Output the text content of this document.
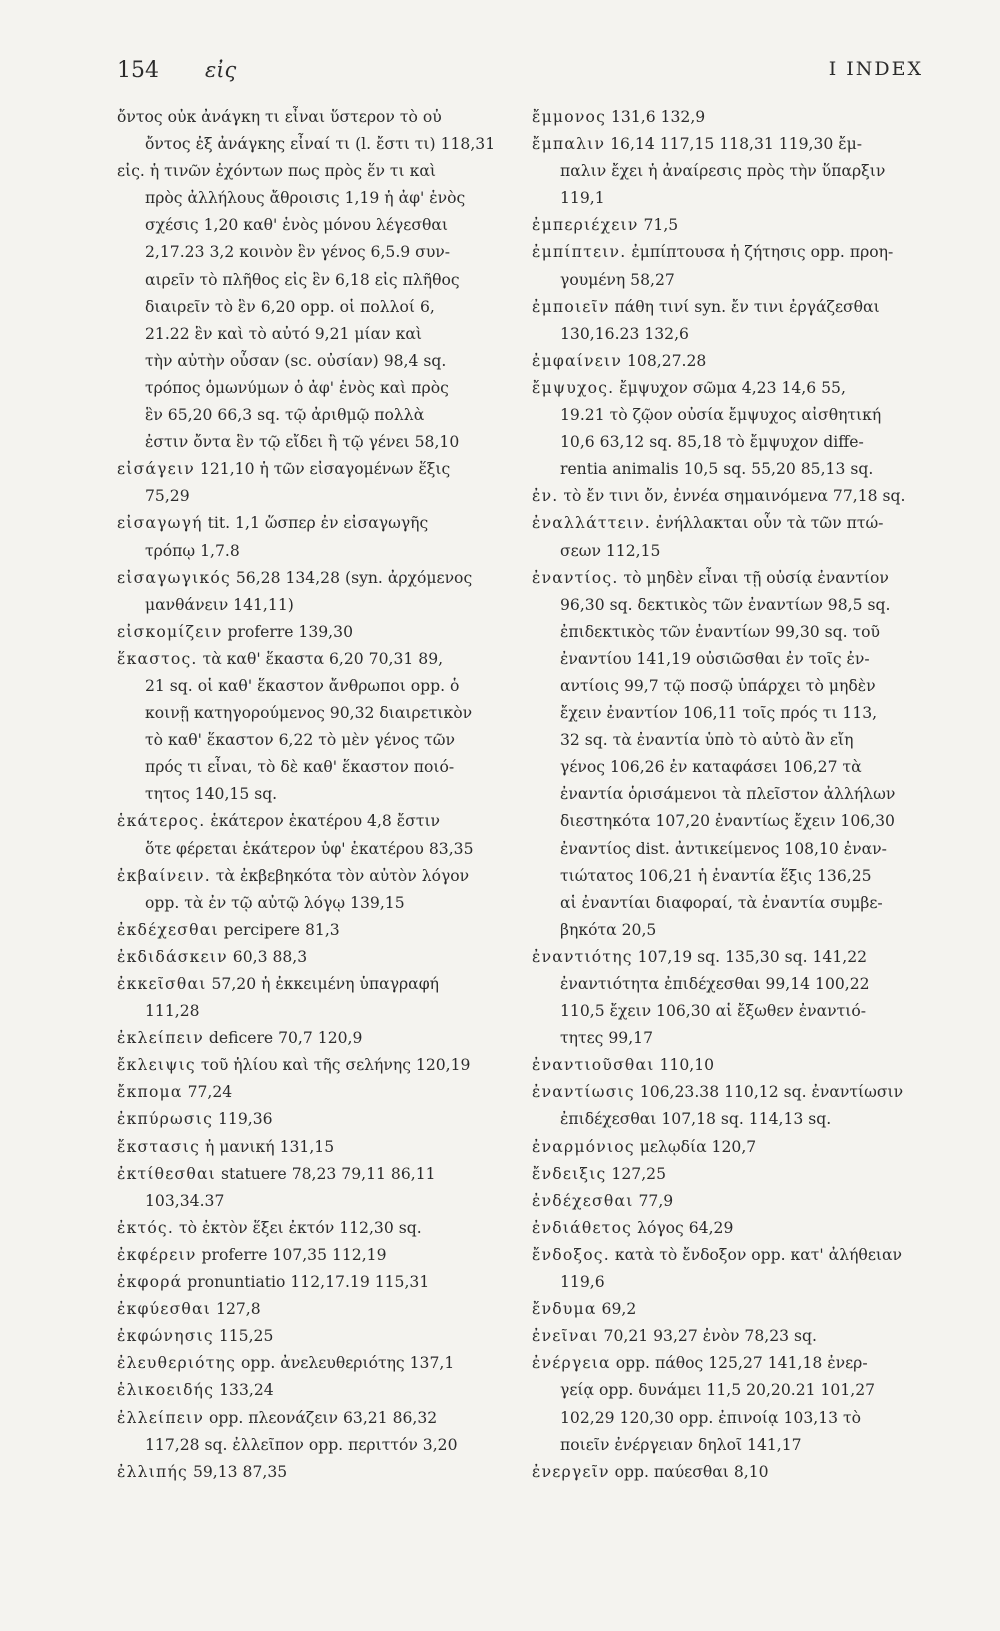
154 εἰς	I INDEX
ὄντος οὐκ ἀνάγκη τι εἶναι ὕστερον τὸ οὐ
ὄντος ἐξ ἀνάγκης εἶναί τι (l. ἔστι τι) 118,31
εἰς. ἡ τινῶν ἐχόντων πως πρὸς ἕν τι καὶ
πρὸς ἀλλήλους ἄθροισις 1,19 ἡ ἀφ' ἑνὸς
σχέσις 1,20 καθ' ἑνὸς μόνου λέγεσθαι
2,17.23 3,2 κοινὸν ἓν γένος 6,5.9 συν-
αιρεῖν τὸ πλῆθος εἰς ἓν 6,18 εἰς πλῆθος
διαιρεῖν τὸ ἓν 6,20 opp. οἱ πολλοί 6,
21.22 ἓν καὶ τὸ αὐτό 9,21 μίαν καὶ
τὴν αὐτὴν οὖσαν (sc. οὐσίαν) 98,4 sq.
τρόπος ὁμωνύμων ὁ ἀφ' ἑνὸς καὶ πρὸς
ἓν 65,20 66,3 sq. τῷ ἀριθμῷ πολλὰ
ἐστιν ὄντα ἓν τῷ εἴδει ἢ τῷ γένει 58,10
εἰσάγειν 121,10 ἡ τῶν εἰσαγομένων ἕξις
75,29
εἰσαγωγή tit. 1,1 ὥσπερ ἐν εἰσαγωγῆς
τρόπῳ 1,7.8
εἰσαγωγικός 56,28 134,28 (syn. ἀρχόμενος
μανθάνειν 141,11)
εἰσκομίζειν proferre 139,30
ἕκαστος. τὰ καθ' ἕκαστα 6,20 70,31 89,
21 sq. οἱ καθ' ἕκαστον ἄνθρωποι opp. ὁ
κοινῇ κατηγορούμενος 90,32 διαιρετικὸν
τὸ καθ' ἕκαστον 6,22 τὸ μὲν γένος τῶν
πρός τι εἶναι, τὸ δὲ καθ' ἕκαστον ποιό-
τητος 140,15 sq.
ἑκάτερος. ἑκάτερον ἑκατέρου 4,8 ἔστιν
ὅτε φέρεται ἑκάτερον ὑφ' ἑκατέρου 83,35
ἐκβαίνειν. τὰ ἐκβεβηκότα τὸν αὐτὸν λόγον
opp. τὰ ἐν τῷ αὐτῷ λόγῳ 139,15
ἐκδέχεσθαι percipere 81,3
ἐκδιδάσκειν 60,3 88,3
ἐκκεῖσθαι 57,20 ἡ ἐκκειμένη ὑπαγραφή
111,28
ἐκλείπειν deficere 70,7 120,9
ἔκλειψις τοῦ ἡλίου καὶ τῆς σελήνης 120,19
ἔκπομα 77,24
ἐκπύρωσις 119,36
ἔκστασις ἡ μανική 131,15
ἐκτίθεσθαι statuere 78,23 79,11 86,11
103,34.37
ἐκτός. τὸ ἐκτὸν ἕξει ἐκτόν 112,30 sq.
ἐκφέρειν proferre 107,35 112,19
ἐκφορά pronuntiatio 112,17.19 115,31
ἐκφύεσθαι 127,8
ἐκφώνησις 115,25
ἐλευθεριότης opp. ἀνελευθεριότης 137,1
ἑλικοειδής 133,24
ἐλλείπειν opp. πλεονάζειν 63,21 86,32
117,28 sq. ἐλλεῖπον opp. περιττόν 3,20
ἐλλιπής 59,13 87,35
ἔμμονος 131,6 132,9
ἔμπαλιν 16,14 117,15 118,31 119,30 ἔμ-
παλιν ἔχει ἡ ἀναίρεσις πρὸς τὴν ὕπαρξιν
119,1
ἐμπεριέχειν 71,5
ἐμπίπτειν. ἐμπίπτουσα ἡ ζήτησις opp. προη-
γουμένη 58,27
ἐμποιεῖν πάθη τινί syn. ἔν τινι ἐργάζεσθαι
130,16.23 132,6
ἐμφαίνειν 108,27.28
ἔμψυχος. ἔμψυχον σῶμα 4,23 14,6 55,
19.21 τὸ ζῷον οὐσία ἔμψυχος αἰσθητική
10,6 63,12 sq. 85,18 τὸ ἔμψυχον diffe-
rentia animalis 10,5 sq. 55,20 85,13 sq.
ἐν. τὸ ἔν τινι ὄν, ἐννέα σημαινόμενα 77,18 sq.
ἐναλλάττειν. ἐνήλλακται οὖν τὰ τῶν πτώ-
σεων 112,15
ἐναντίος. τὸ μηδὲν εἶναι τῇ οὐσίᾳ ἐναντίον
96,30 sq. δεκτικὸς τῶν ἐναντίων 98,5 sq.
ἐπιδεκτικὸς τῶν ἐναντίων 99,30 sq. τοῦ
ἐναντίου 141,19 οὐσιῶσθαι ἐν τοῖς ἐν-
αντίοις 99,7 τῷ ποσῷ ὑπάρχει τὸ μηδὲν
ἔχειν ἐναντίον 106,11 τοῖς πρός τι 113,
32 sq. τὰ ἐναντία ὑπὸ τὸ αὐτὸ ἂν εἴη
γένος 106,26 ἐν καταφάσει 106,27 τὰ
ἐναντία ὁρισάμενοι τὰ πλεῖστον ἀλλήλων
διεστηκότα 107,20 ἐναντίως ἔχειν 106,30
ἐναντίος dist. ἀντικείμενος 108,10 ἐναν-
τιώτατος 106,21 ἡ ἐναντία ἕξις 136,25
αἱ ἐναντίαι διαφοραί, τὰ ἐναντία συμβε-
βηκότα 20,5
ἐναντιότης 107,19 sq. 135,30 sq. 141,22
ἐναντιότητα ἐπιδέχεσθαι 99,14 100,22
110,5 ἔχειν 106,30 αἱ ἔξωθεν ἐναντιό-
τητες 99,17
ἐναντιοῦσθαι 110,10
ἐναντίωσις 106,23.38 110,12 sq. ἐναντίωσιν
ἐπιδέχεσθαι 107,18 sq. 114,13 sq.
ἐναρμόνιος μελῳδία 120,7
ἔνδειξις 127,25
ἐνδέχεσθαι 77,9
ἐνδιάθετος λόγος 64,29
ἔνδοξος. κατὰ τὸ ἔνδοξον opp. κατ' ἀλήθειαν
119,6
ἔνδυμα 69,2
ἐνεῖναι 70,21 93,27 ἐνὸν 78,23 sq.
ἐνέργεια opp. πάθος 125,27 141,18 ἐνερ-
γείᾳ opp. δυνάμει 11,5 20,20.21 101,27
102,29 120,30 opp. ἐπινοίᾳ 103,13 τὸ
ποιεῖν ἐνέργειαν δηλοῖ 141,17
ἐνεργεῖν opp. παύεσθαι 8,10
